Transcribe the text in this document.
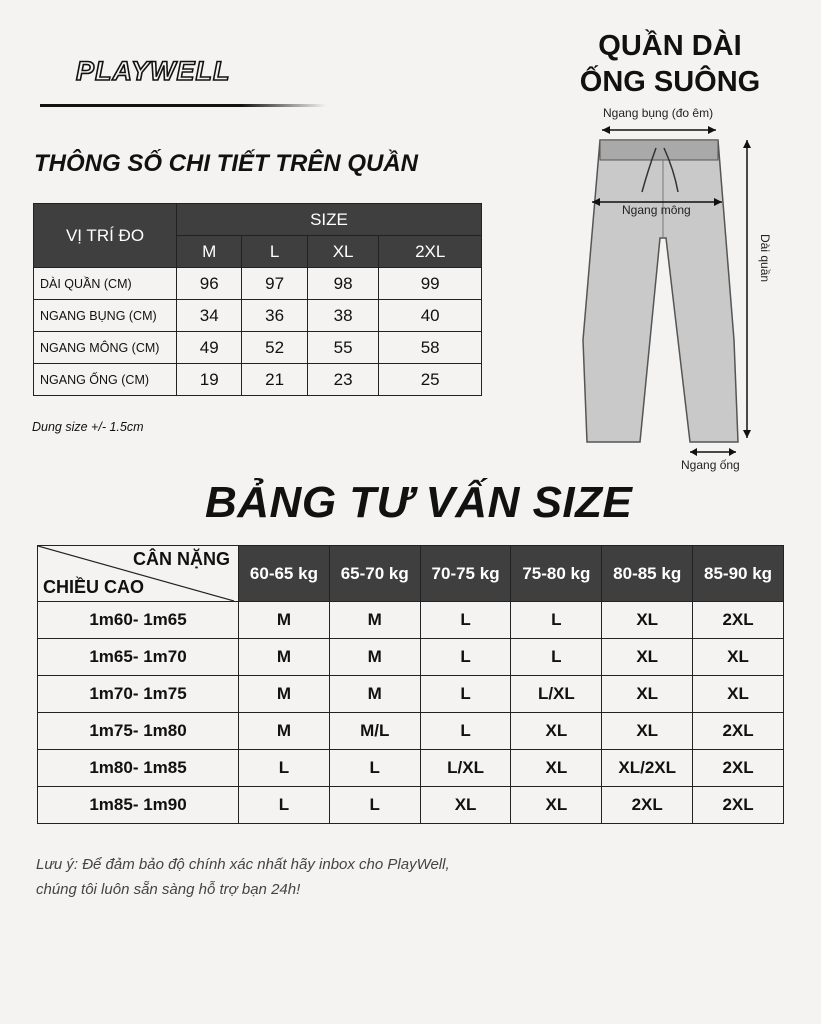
PLAYWELL
QUẦN DÀI
ỐNG SUÔNG
Ngang bụng (đo êm)
Ngang mông
Dài quần
Ngang ống
THÔNG SỐ CHI TIẾT TRÊN QUẦN
VỊ TRÍ ĐO	SIZE			
	M	L	XL	2XL
DÀI QUẦN (CM)	96	97	98	99
NGANG BỤNG (CM)	34	36	38	40
NGANG MÔNG (CM)	49	52	55	58
NGANG ỐNG (CM)	19	21	23	25
Dung size +/- 1.5cm
BẢNG TƯ VẤN SIZE
CÂN NẶNG
CHIỀU CAO	60-65 kg	65-70 kg	70-75 kg	75-80 kg	80-85 kg	85-90 kg
1m60- 1m65	M	M	L	L	XL	2XL
1m65- 1m70	M	M	L	L	XL	XL
1m70- 1m75	M	M	L	L/XL	XL	XL
1m75- 1m80	M	M/L	L	XL	XL	2XL
1m80- 1m85	L	L	L/XL	XL	XL/2XL	2XL
1m85- 1m90	L	L	XL	XL	2XL	2XL
Lưu ý: Để đảm bảo độ chính xác nhất hãy inbox cho PlayWell,
chúng tôi luôn sẵn sàng hỗ trợ bạn 24h!
